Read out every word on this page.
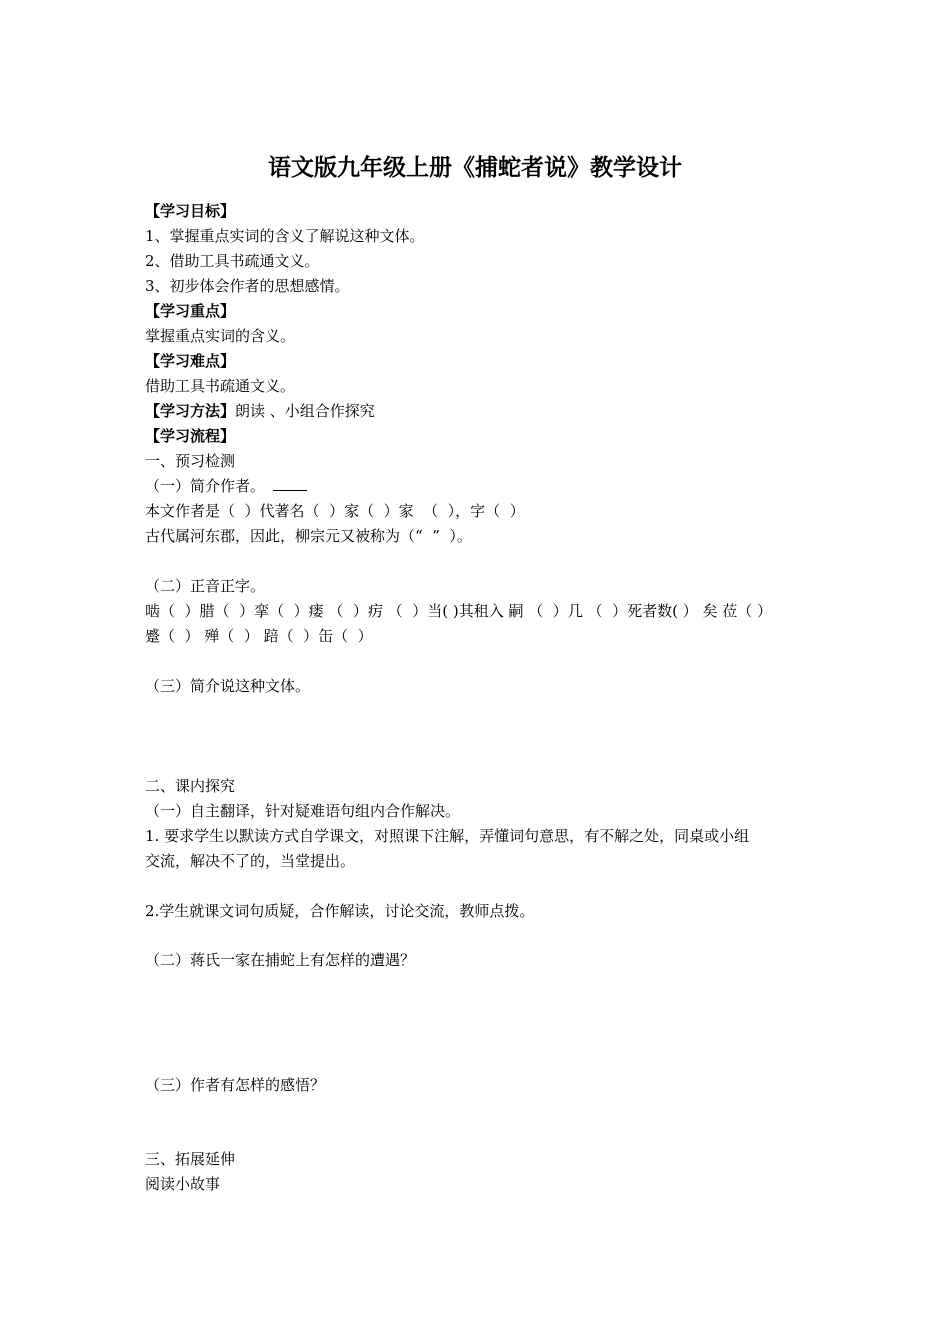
语文版九年级上册《捕蛇者说》教学设计
【学习目标】
1、掌握重点实词的含义了解说这种文体。
2、借助工具书疏通文义。
3、初步体会作者的思想感情。
【学习重点】
掌握重点实词的含义。
【学习难点】
借助工具书疏通文义。
【学习方法】朗读 、小组合作探究
【学习流程】
一、预习检测
（一）简介作者。
本文作者是（  ）代著名（  ）家（  ）家  （  ），字（  ）
古代属河东郡，因此，柳宗元又被称为（“  ”  ）。
（二）正音正字。
啮（  ）腊（  ）挛（  ）瘘 （  ）疠 （  ）当( )其租入 嗣 （  ）几 （  ）死者数( ） 矣 莅（ ）
蹙（  ） 殚（  ） 踣（  ）缶（  ）
（三）简介说这种文体。
二、课内探究
（一）自主翻译，针对疑难语句组内合作解决。
1. 要求学生以默读方式自学课文，对照课下注解，弄懂词句意思，有不解之处，同桌或小组
交流，解决不了的，当堂提出。
2.学生就课文词句质疑，合作解读，讨论交流，教师点拨。
（二）蒋氏一家在捕蛇上有怎样的遭遇？
（三）作者有怎样的感悟？
三、拓展延伸
阅读小故事
